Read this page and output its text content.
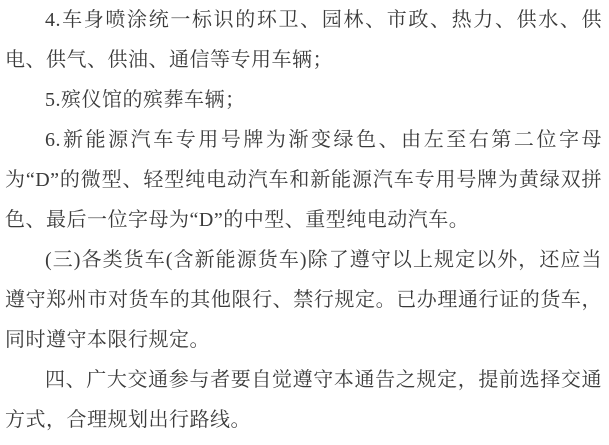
4.车身喷涂统一标识的环卫、园林、市政、热力、供水、供电、供气、供油、通信等专用车辆；

5.殡仪馆的殡葬车辆；

6.新能源汽车专用号牌为渐变绿色、由左至右第二位字母为“D”的微型、轻型纯电动汽车和新能源汽车专用号牌为黄绿双拼色、最后一位字母为“D”的中型、重型纯电动汽车。

(三)各类货车(含新能源货车)除了遵守以上规定以外，还应当遵守郑州市对货车的其他限行、禁行规定。已办理通行证的货车，同时遵守本限行规定。

四、广大交通参与者要自觉遵守本通告之规定，提前选择交通方式，合理规划出行路线。
